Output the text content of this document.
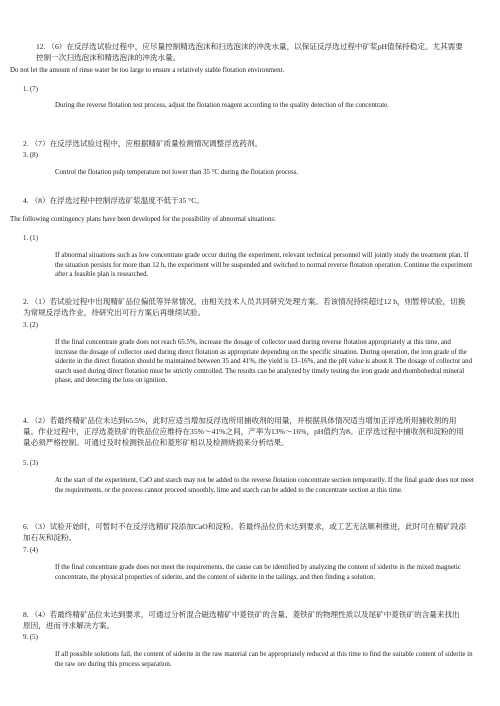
12. （6）在反浮选试验过程中，应尽量控制精选泡沫和扫选泡沫的冲洗水量，以保证反浮选过程中矿浆pH值保持稳定。尤其需要控制一次扫选泡沫和精选泡沫的冲洗水量。

Do not let the amount of rinse water be too large to ensure a relatively stable flotation environment.

1. (7)

During the reverse flotation test process, adjust the flotation reagent according to the quality detection of the concentrate.

2. （7）在反浮选试验过程中，应根据精矿质量检测情况调整浮选药剂。

3. (8)

Control the flotation pulp temperature not lower than 35 °C during the flotation process.

4. （8）在浮选过程中控制浮选矿浆温度不低于35 °C。

The following contingency plans have been developed for the possibility of abnormal situations:

1. (1)

If abnormal situations such as low concentrate grade occur during the experiment, relevant technical personnel will jointly study the treatment plan. If the situation persists for more than 12 h, the experiment will be suspended and switched to normal reverse flotation operation. Continue the experiment after a feasible plan is researched.

2. （1）若试验过程中出现精矿品位偏低等异常情况，由相关技术人员共同研究处理方案。若该情况持续超过12 h，则暂停试验，切换为常规反浮选作业，待研究出可行方案后再继续试验。

3. (2)

If the final concentrate grade does not reach 65.5%, increase the dosage of collector used during reverse flotation appropriately at this time, and increase the dosage of collector used during direct flotation as appropriate depending on the specific situation. During operation, the iron grade of the siderite in the direct flotation should be maintained between 35 and 41%, the yield is 13–16%, and the pH value is about 8. The dosage of collector and starch used during direct flotation must be strictly controlled. The results can be analyzed by timely testing the iron grade and rhombohedral mineral phase, and detecting the loss on ignition.

4. （2）若最终精矿品位未达到65.5%，此时应适当增加反浮选所用捕收剂的用量，并根据具体情况适当增加正浮选所用捕收剂的用量。作业过程中，正浮选菱铁矿的铁品位应维持在35%～41%之间，产率为13%～16%，pH值约为8。正浮选过程中捕收剂和淀粉的用量必须严格控制。可通过及时检测铁品位和菱形矿相以及检测烧损来分析结果。

5. (3)

At the start of the experiment, CaO and starch may not be added to the reverse flotation concentrate section temporarily. If the final grade does not meet the requirements, or the process cannot proceed smoothly, lime and starch can be added to the concentrate section at this time.

6. （3）试验开始时，可暂时不在反浮选精矿段添加CaO和淀粉。若最终品位仍未达到要求，或工艺无法顺利推进，此时可在精矿段添加石灰和淀粉。

7. (4)

If the final concentrate grade does not meet the requirements, the cause can be identified by analyzing the content of siderite in the mixed magnetic concentrate, the physical properties of siderite, and the content of siderite in the tailings, and then finding a solution.

8. （4）若最终精矿品位未达到要求，可通过分析混合磁选精矿中菱铁矿的含量、菱铁矿的物理性质以及尾矿中菱铁矿的含量来找出原因，进而寻求解决方案。

9. (5)

If all possible solutions fail, the content of siderite in the raw material can be appropriately reduced at this time to find the suitable content of siderite in the raw ore during this process separation.
